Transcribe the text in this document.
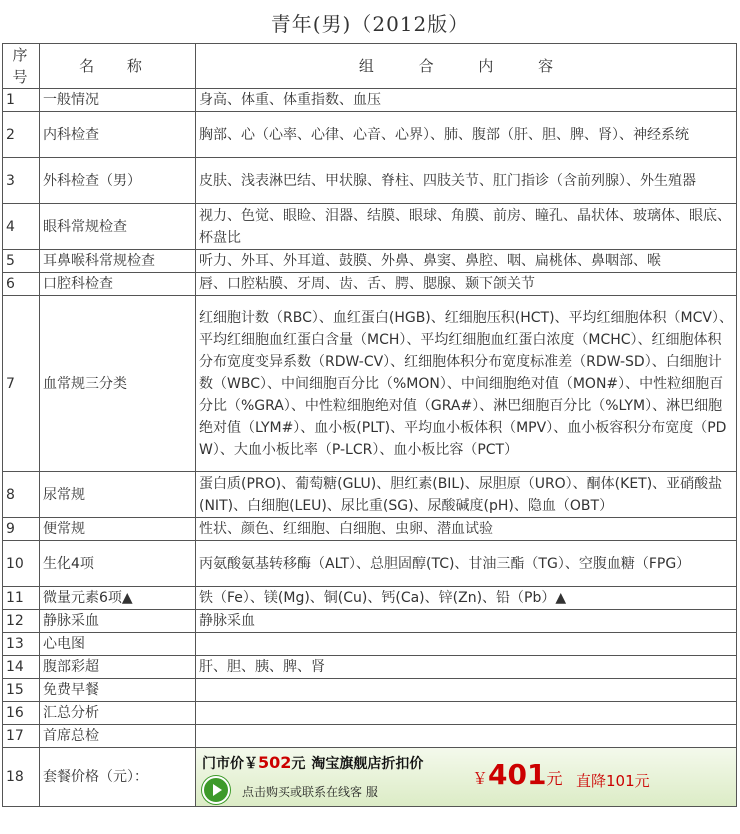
青年(男)（2012版）
序号	名 称	组 合 内 容
1	一般情况	身高、体重、体重指数、血压
2	内科检查	胸部、心（心率、心律、心音、心界）、肺、腹部（肝、胆、脾、肾）、神经系统
3	外科检查（男）	皮肤、浅表淋巴结、甲状腺、脊柱、四肢关节、肛门指诊（含前列腺）、外生殖器
4	眼科常规检查	视力、色觉、眼睑、泪器、结膜、眼球、角膜、前房、瞳孔、晶状体、玻璃体、眼底、杯盘比
5	耳鼻喉科常规检查	听力、外耳、外耳道、鼓膜、外鼻、鼻窦、鼻腔、咽、扁桃体、鼻咽部、喉
6	口腔科检查	唇、口腔粘膜、牙周、齿、舌、腭、腮腺、颞下颌关节
7	血常规三分类	红细胞计数（RBC）、血红蛋白(HGB)、红细胞压积(HCT)、平均红细胞体积（MCV）、平均红细胞血红蛋白含量（MCH）、平均红细胞血红蛋白浓度（MCHC）、红细胞体积分布宽度变异系数（RDW-CV）、红细胞体积分布宽度标准差（RDW-SD）、白细胞计数（WBC）、中间细胞百分比（%MON）、中间细胞绝对值（MON#）、中性粒细胞百分比（%GRA）、中性粒细胞绝对值（GRA#）、淋巴细胞百分比（%LYM）、淋巴细胞绝对值（LYM#）、血小板(PLT)、平均血小板体积（MPV）、血小板容积分布宽度（PDW）、大血小板比率（P-LCR）、血小板比容（PCT）
8	尿常规	蛋白质(PRO)、葡萄糖(GLU)、胆红素(BIL)、尿胆原（URO）、酮体(KET)、亚硝酸盐(NIT)、白细胞(LEU)、尿比重(SG)、尿酸碱度(pH)、隐血（OBT）
9	便常规	性状、颜色、红细胞、白细胞、虫卵、潜血试验
10	生化4项	丙氨酸氨基转移酶（ALT）、总胆固醇(TC)、甘油三酯（TG）、空腹血糖（FPG）
11	微量元素6项▲	铁（Fe）、镁(Mg)、铜(Cu)、钙(Ca)、锌(Zn)、铅（Pb）▲
12	静脉采血	静脉采血
13	心电图	
14	腹部彩超	肝、胆、胰、脾、肾
15	免费早餐	
16	汇总分析	
17	首席总检	
18	套餐价格（元）：	门市价￥502元 淘宝旗舰店折扣价
点击购买或联系在线客 服
￥401元 直降101元
